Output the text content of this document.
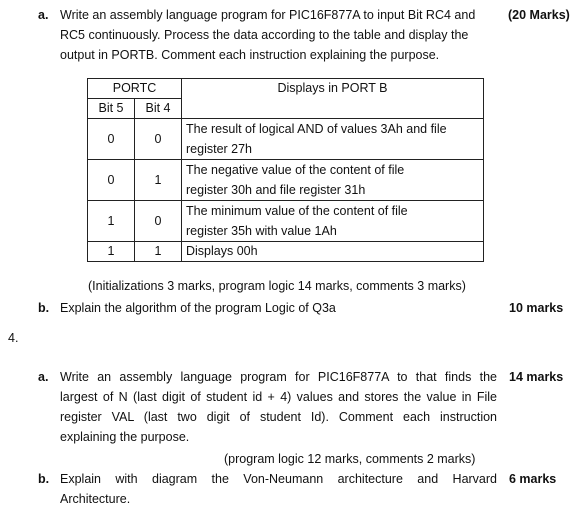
a. Write an assembly language program for PIC16F877A to input Bit RC4 and
RC5 continuously. Process the data according to the table and display the
output in PORTB. Comment each instruction explaining the purpose.
(20 Marks)
PORTC		Displays in PORT B
Bit 5	Bit 4	
0	0	The result of logical AND of values 3Ah and file
register 27h

0	1	The negative value of the content of file
register 30h and file register 31h

1	0	The minimum value of the content of file
register 35h with value 1Ah

1	1	Displays 00h
(Initializations 3 marks, program logic 14 marks, comments 3 marks)
b. Explain the algorithm of the program Logic of Q3a	10 marks
4.
a. Write an assembly language program for PIC16F877A to that finds the
largest of N (last digit of student id + 4) values and stores the value in File
register VAL (last two digit of student Id). Comment each instruction
explaining the purpose.
14 marks
(program logic 12 marks, comments 2 marks)
b. Explain with diagram the Von-Neumann architecture and Harvard
Architecture.
6 marks
